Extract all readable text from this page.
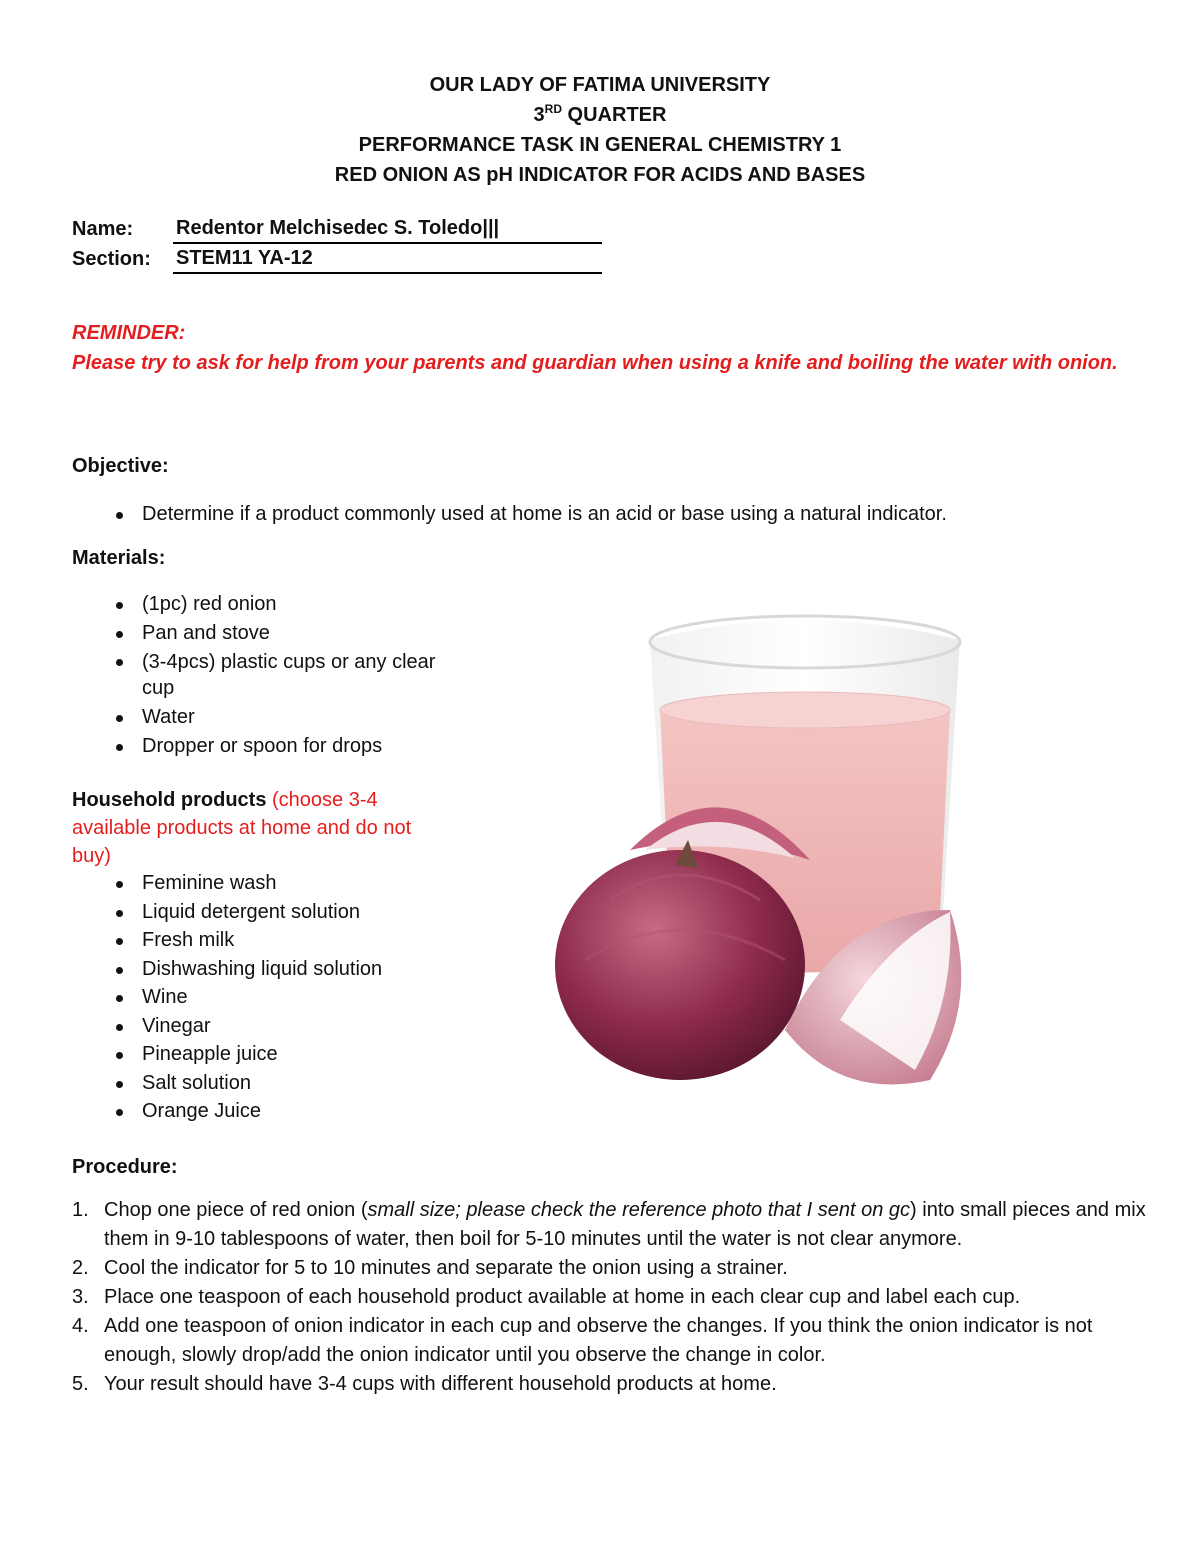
OUR LADY OF FATIMA UNIVERSITY
3RD QUARTER
PERFORMANCE TASK IN GENERAL CHEMISTRY 1
RED ONION AS pH INDICATOR FOR ACIDS AND BASES
Name: Redentor Melchisedec S. Toledo|||
Section: STEM11 YA-12
REMINDER:
Please try to ask for help from your parents and guardian when using a knife and boiling the water with onion.
Objective:
Determine if a product commonly used at home is an acid or base using a natural indicator.
Materials:
(1pc) red onion
Pan and stove
(3-4pcs) plastic cups or any clear cup
Water
Dropper or spoon for drops
Household products (choose 3-4 available products at home and do not buy)
Feminine wash
Liquid detergent solution
Fresh milk
Dishwashing liquid solution
Wine
Vinegar
Pineapple juice
Salt solution
Orange Juice
Procedure:
1. Chop one piece of red onion (small size; please check the reference photo that I sent on gc) into small pieces and mix them in 9-10 tablespoons of water, then boil for 5-10 minutes until the water is not clear anymore.
2. Cool the indicator for 5 to 10 minutes and separate the onion using a strainer.
3. Place one teaspoon of each household product available at home in each clear cup and label each cup.
4. Add one teaspoon of onion indicator in each cup and observe the changes. If you think the onion indicator is not enough, slowly drop/add the onion indicator until you observe the change in color.
5. Your result should have 3-4 cups with different household products at home.
